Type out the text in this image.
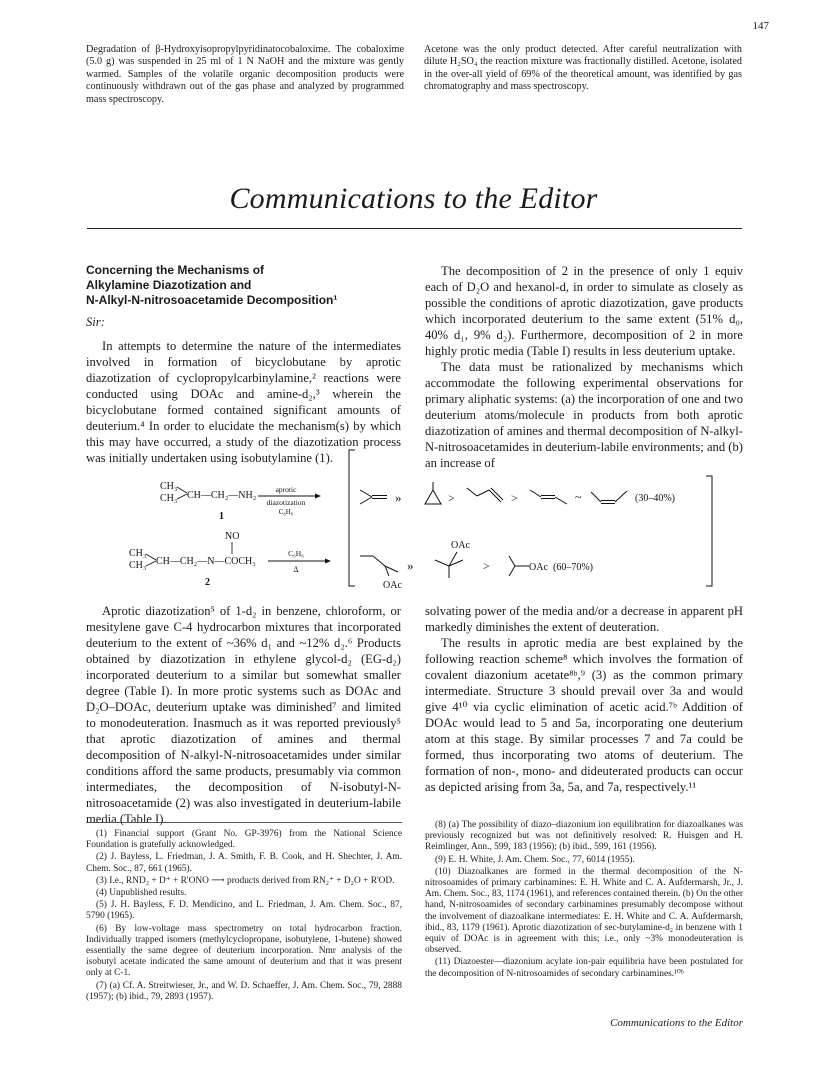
147
Degradation of β-Hydroxyisopropylpyridinatocobaloxime. The cobaloxime (5.0 g) was suspended in 25 ml of 1 N NaOH and the mixture was gently warmed. Samples of the volatile organic decomposition products were continuously withdrawn out of the gas phase and analyzed by programmed mass spectroscopy.
Acetone was the only product detected. After careful neutralization with dilute H₂SO₄ the reaction mixture was fractionally distilled. Acetone, isolated in the over-all yield of 69% of the theoretical amount, was identified by gas chromatography and mass spectroscopy.
Communications to the Editor
Concerning the Mechanisms of
Alkylamine Diazotization and
N-Alkyl-N-nitrosoacetamide Decomposition¹
Sir:

In attempts to determine the nature of the intermediates involved in formation of bicyclobutane by aprotic diazotization of cyclopropylcarbinylamine,² reactions were conducted using DOAc and amine-d₂,³ wherein the bicyclobutane formed contained significant amounts of deuterium.⁴ In order to elucidate the mechanism(s) by which this may have occurred, a study of the diazotization process was initially undertaken using isobutylamine (1).

The decomposition of 2 in the presence of only 1 equiv each of D₂O and hexanol-d, in order to simulate as closely as possible the conditions of aprotic diazotization, gave products which incorporated deuterium to the same extent (51% d₀, 40% d₁, 9% d₂). Furthermore, decomposition of 2 in more highly protic media (Table I) results in less deuterium uptake.

The data must be rationalized by mechanisms which accommodate the following experimental observations for primary aliphatic systems: (a) the incorporation of one and two deuterium atoms/molecule in products from both aprotic diazotization of amines and thermal decomposition of N-alkyl-N-nitrosoacetamides in deuterium-labile environments; and (b) an increase of

CH₃
CH₃ CH—CH₂—NH₂
1
aprotic
diazotization
C₆H₆
NO
CH₃
CH₃ CH—CH₂—N—COCH₃
2
C₆H₆
Δ
»	>	>	~	(30–40%)
OAc
»
OAc
>	OAc (60–70%)

Aprotic diazotization⁵ of 1-d₂ in benzene, chloroform, or mesitylene gave C-4 hydrocarbon mixtures that incorporated deuterium to the extent of ~36% d₁ and ~12% d₂.⁶ Products obtained by diazotization in ethylene glycol-d₂ (EG-d₂) incorporated deuterium to a similar but somewhat smaller degree (Table I). In more protic systems such as DOAc and D₂O–DOAc, deuterium uptake was diminished⁷ and limited to monodeuteration. Inasmuch as it was reported previously⁵ that aprotic diazotization of amines and thermal decomposition of N-alkyl-N-nitrosoacetamides under similar conditions afford the same products, presumably via common intermediates, the decomposition of N-isobutyl-N-nitrosoacetamide (2) was also investigated in deuterium-labile media (Table I).

solvating power of the media and/or a decrease in apparent pH markedly diminishes the extent of deuteration.

The results in aprotic media are best explained by the following reaction scheme⁸ which involves the formation of covalent diazonium acetate⁸ᵇ,⁹ (3) as the common primary intermediate. Structure 3 should prevail over 3a and would give 4¹⁰ via cyclic elimination of acetic acid.⁷ᵇ Addition of DOAc would lead to 5 and 5a, incorporating one deuterium atom at this stage. By similar processes 7 and 7a could be formed, thus incorporating two atoms of deuterium. The formation of non-, mono- and dideuterated products can occur as depicted arising from 3a, 5a, and 7a, respectively.¹¹

(1) Financial support (Grant No. GP-3976) from the National Science Foundation is gratefully acknowledged.

(2) J. Bayless, L. Friedman, J. A. Smith, F. B. Cook, and H. Shechter, J. Am. Chem. Soc., 87, 661 (1965).

(3) I.e., RND₂ + D⁺ + R'ONO ⟶ products derived from RN₂⁺ + D₂O + R'OD.

(4) Unpublished results.

(5) J. H. Bayless, F. D. Mendicino, and L. Friedman, J. Am. Chem. Soc., 87, 5790 (1965).

(6) By low-voltage mass spectrometry on total hydrocarbon fraction. Individually trapped isomers (methylcyclopropane, isobutylene, 1-butene) showed essentially the same degree of deuterium incorporation. Nmr analysis of the isobutyl acetate indicated the same amount of deuterium and that it was present only at C-1.

(7) (a) Cf. A. Streitwieser, Jr., and W. D. Schaeffer, J. Am. Chem. Soc., 79, 2888 (1957); (b) ibid., 79, 2893 (1957).

(8) (a) The possibility of diazo–diazonium ion equilibration for diazoalkanes was previously recognized but was not definitively resolved: R. Huisgen and H. Reimlinger, Ann., 599, 183 (1956); (b) ibid., 599, 161 (1956).

(9) E. H. White, J. Am. Chem. Soc., 77, 6014 (1955).

(10) Diazoalkanes are formed in the thermal decomposition of the N-nitrosoamides of primary carbinamines: E. H. White and C. A. Aufdermarsh, Jr., J. Am. Chem. Soc., 83, 1174 (1961), and references contained therein. (b) On the other hand, N-nitrosoamides of secondary carbinamines presumably decompose without the involvement of diazoalkane intermediates: E. H. White and C. A. Aufdermarsh, ibid., 83, 1179 (1961). Aprotic diazotization of sec-butylamine-d₂ in benzene with 1 equiv of DOAc is in agreement with this; i.e., only ~3% monodeuteration is observed.

(11) Diazoester—diazonium acylate ion-pair equilibria have been postulated for the decomposition of N-nitrosoamides of secondary carbinamines.¹⁰ᵇ

Communications to the Editor
